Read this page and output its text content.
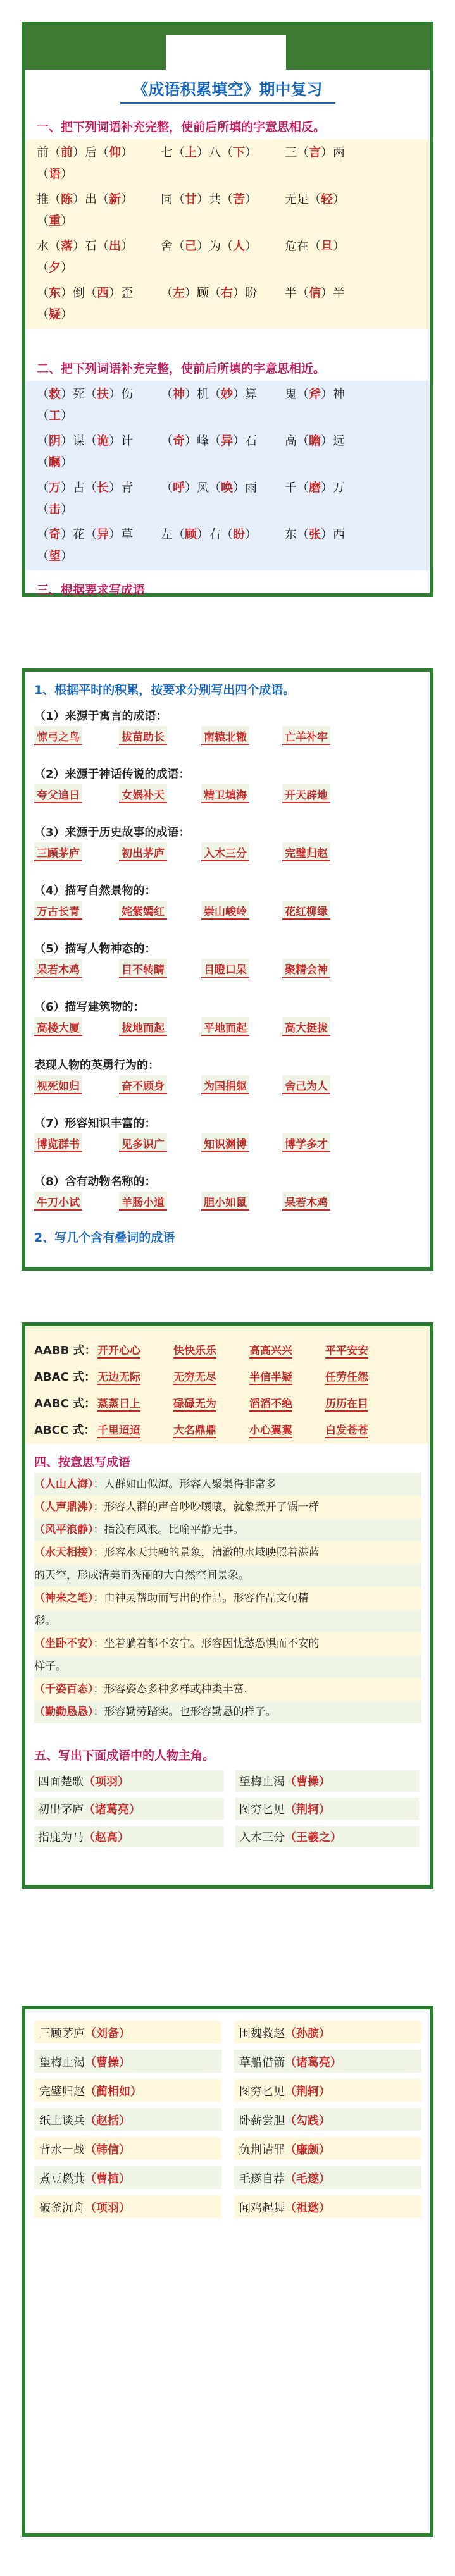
❯
《成语积累填空》期中复习
一、把下列词语补充完整，使前后所填的字意思相反。
前（前）后（仰） 七（上）八（下） 三（言）两
（语）
推（陈）出（新） 同（甘）共（苦） 无足（轻）
（重）
水（落）石（出） 舍（己）为（人） 危在（旦）
（夕）
（东）倒（西）歪 （左）顾（右）盼 半（信）半
（疑）
二、把下列词语补充完整，使前后所填的字意思相近。
（救）死（扶）伤 （神）机（妙）算 鬼（斧）神
（工）
（阴）谋（诡）计 （奇）峰（异）石 高（瞻）远
（瞩）
（万）古（长）青 （呼）风（唤）雨 千（磨）万
（击）
（奇）花（异）草 左（顾）右（盼） 东（张）西
（望）
三、根据要求写成语
1、根据平时的积累，按要求分别写出四个成语。
（1）来源于寓言的成语：
惊弓之鸟	拔苗助长	南辕北辙	亡羊补牢
（2）来源于神话传说的成语：
夸父追日	女娲补天	精卫填海	开天辟地
（3）来源于历史故事的成语：
三顾茅庐	初出茅庐	入木三分	完璧归赵
（4）描写自然景物的：
万古长青	姹紫嫣红	崇山峻岭	花红柳绿
（5）描写人物神态的：
呆若木鸡	目不转睛	目瞪口呆	聚精会神
（6）描写建筑物的：
高楼大厦	拔地而起	平地而起	高大挺拔
表现人物的英勇行为的：
视死如归	奋不顾身	为国捐躯	舍己为人
（7）形容知识丰富的：
博览群书	见多识广	知识渊博	博学多才
（8）含有动物名称的：
牛刀小试	羊肠小道	胆小如鼠	呆若木鸡
2、写几个含有叠词的成语
AABB 式： 开开心心	快快乐乐	高高兴兴	平平安安
ABAC 式： 无边无际	无穷无尽	半信半疑	任劳任怨
AABC 式： 蒸蒸日上	碌碌无为	滔滔不绝	历历在目
ABCC 式： 千里迢迢	大名鼎鼎	小心翼翼	白发苍苍
四、按意思写成语
（人山人海）：人群如山似海。形容人聚集得非常多
（人声鼎沸）：形容人群的声音吵吵嚷嚷，就象煮开了锅一样
（风平浪静）：指没有风浪。比喻平静无事。
（水天相接）：形容水天共融的景象，清澈的水域映照着湛蓝
的天空，形成清美而秀丽的大自然空间景象。
（神来之笔）：由神灵帮助而写出的作品。形容作品文句精
彩。
（坐卧不安）：坐着躺着都不安宁。形容因忧愁恐惧而不安的
样子。
（千姿百态）：形容姿态多种多样或种类丰富.
（勤勤恳恳）：形容勤劳踏实。也形容勤恳的样子。
五、写出下面成语中的人物主角。
四面楚歌（项羽）	望梅止渴（曹操）
初出茅庐（诸葛亮）	图穷匕见（荆轲）
指鹿为马（赵高）	入木三分（王羲之）
三顾茅庐（刘备）	围魏救赵（孙膑）
望梅止渴（曹操）	草船借箭（诸葛亮）
完璧归赵（蔺相如）	图穷匕见（荆轲）
纸上谈兵（赵括）	卧薪尝胆（勾践）
背水一战（韩信）	负荆请罪（廉颇）
煮豆燃萁（曹植）	毛遂自荐（毛遂）
破釜沉舟（项羽）	闻鸡起舞（祖逖）
